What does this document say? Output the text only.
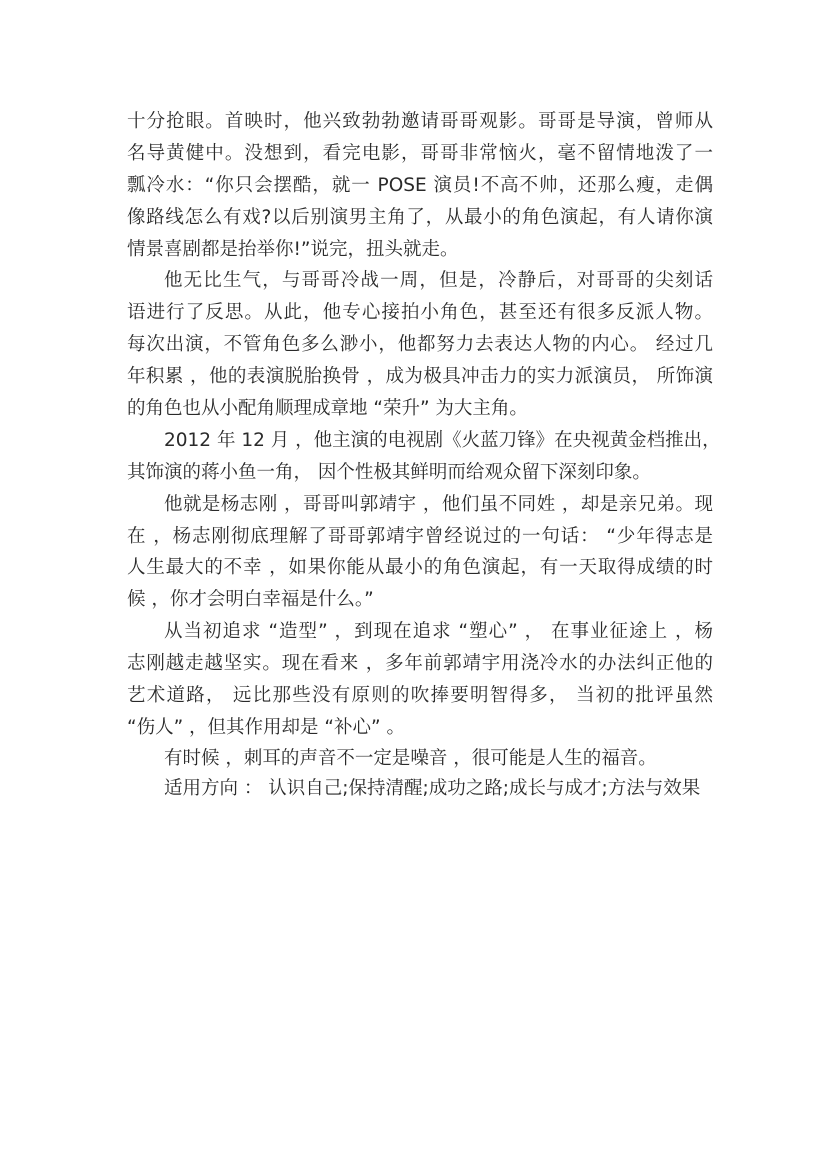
十分抢眼。首映时，他兴致勃勃邀请哥哥观影。哥哥是导演，曾师从
名导黄健中。没想到，看完电影，哥哥非常恼火，毫不留情地泼了一
瓢冷水：“你只会摆酷，就一 POSE 演员!不高不帅，还那么瘦，走偶
像路线怎么有戏?以后别演男主角了，从最小的角色演起，有人请你演
情景喜剧都是抬举你!”说完，扭头就走。
他无比生气，与哥哥冷战一周，但是，冷静后，对哥哥的尖刻话
语进行了反思。从此，他专心接拍小角色，甚至还有很多反派人物。
每次出演，不管角色多么渺小，他都努力去表达人物的内心。 经过几
年积累 ，他的表演脱胎换骨 ，成为极具冲击力的实力派演员， 所饰演
的角色也从小配角顺理成章地 “荣升” 为大主角。
2012 年 12 月 ，他主演的电视剧《火蓝刀锋》在央视黄金档推出，
其饰演的蒋小鱼一角， 因个性极其鲜明而给观众留下深刻印象。
他就是杨志刚 ，哥哥叫郭靖宇 ，他们虽不同姓 ，却是亲兄弟。现
在 ，杨志刚彻底理解了哥哥郭靖宇曾经说过的一句话： “少年得志是
人生最大的不幸 ，如果你能从最小的角色演起，有一天取得成绩的时
候 ，你才会明白幸福是什么。”
从当初追求 “造型” ，到现在追求 “塑心” ， 在事业征途上 ，杨
志刚越走越坚实。现在看来 ，多年前郭靖宇用浇冷水的办法纠正他的
艺术道路， 远比那些没有原则的吹捧要明智得多， 当初的批评虽然
“伤人” ，但其作用却是 “补心” 。
有时候 ，刺耳的声音不一定是噪音 ，很可能是人生的福音。
适用方向 ： 认识自己;保持清醒;成功之路;成长与成才;方法与效果
